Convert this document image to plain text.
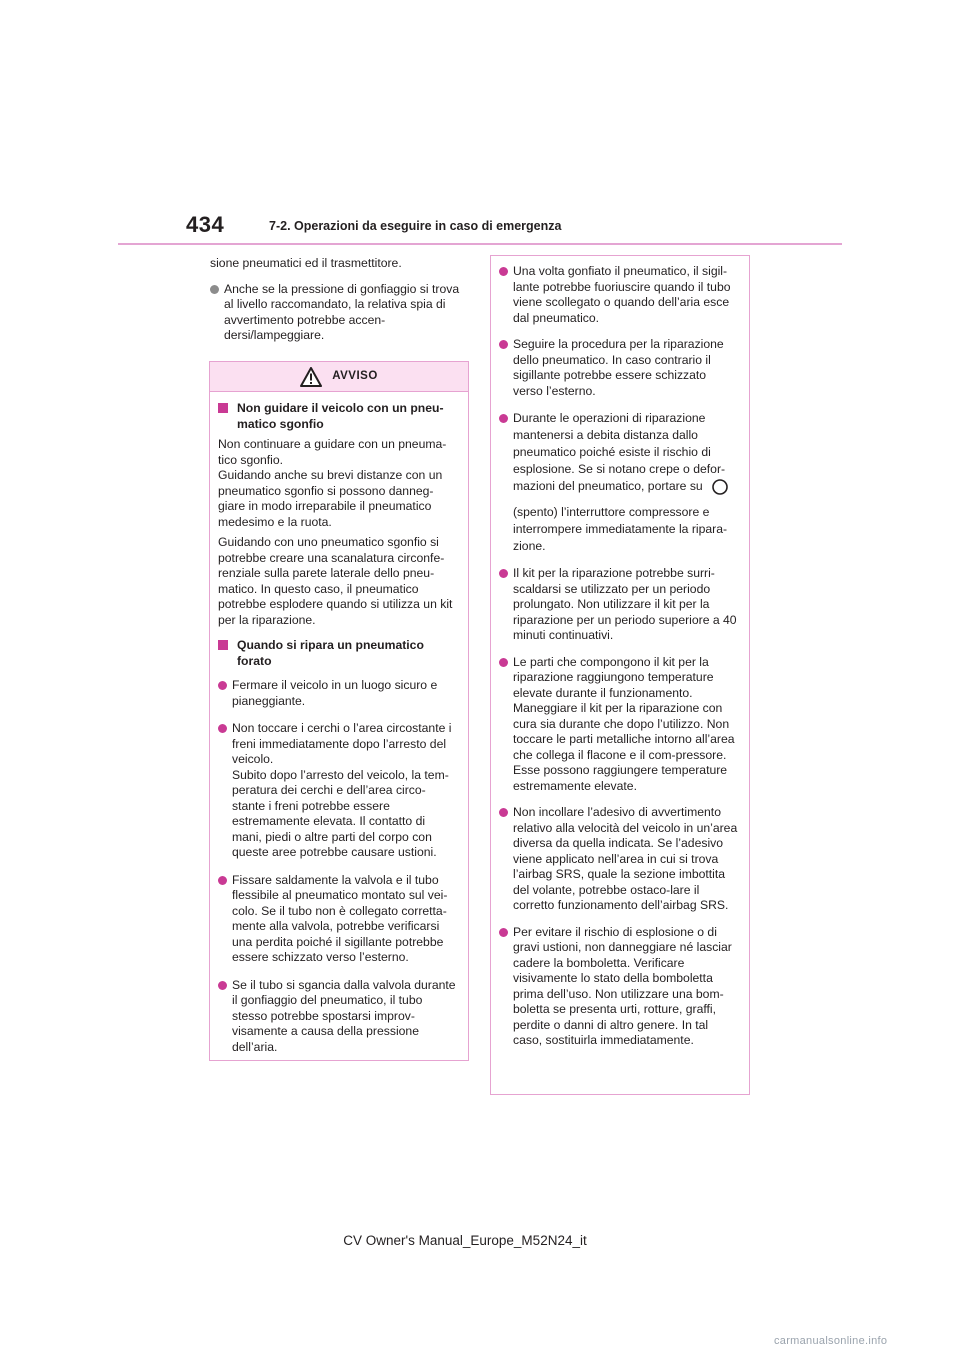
434	7-2. Operazioni da eseguire in caso di emergenza

sione pneumatici ed il trasmettitore.

Anche se la pressione di gonfiaggio si trova al livello raccomandato, la relativa spia di avvertimento potrebbe accen-dersi/lampeggiare.
AVVISO
Non guidare il veicolo con un pneu-matico sgonfio

Non continuare a guidare con un pneuma-tico sgonfio.

Guidando anche su brevi distanze con un pneumatico sgonfio si possono danneg-giare in modo irreparabile il pneumatico medesimo e la ruota.

Guidando con uno pneumatico sgonfio si potrebbe creare una scanalatura circonfe-renziale sulla parete laterale dello pneu-matico. In questo caso, il pneumatico potrebbe esplodere quando si utilizza un kit per la riparazione.

Quando si ripara un pneumatico forato
Fermare il veicolo in un luogo sicuro e pianeggiante.
Non toccare i cerchi o l’area circostante i freni immediatamente dopo l’arresto del veicolo.
Subito dopo l’arresto del veicolo, la tem-peratura dei cerchi e dell’area circo-stante i freni potrebbe essere estremamente elevata. Il contatto di mani, piedi o altre parti del corpo con queste aree potrebbe causare ustioni.
Fissare saldamente la valvola e il tubo flessibile al pneumatico montato sul vei-colo. Se il tubo non è collegato corretta-mente alla valvola, potrebbe verificarsi una perdita poiché il sigillante potrebbe essere schizzato verso l’esterno.
Se il tubo si sgancia dalla valvola durante il gonfiaggio del pneumatico, il tubo stesso potrebbe spostarsi improv-visamente a causa della pressione dell’aria.
Una volta gonfiato il pneumatico, il sigil-lante potrebbe fuoriuscire quando il tubo viene scollegato o quando dell’aria esce dal pneumatico.
Seguire la procedura per la riparazione dello pneumatico. In caso contrario il sigillante potrebbe essere schizzato verso l’esterno.
Durante le operazioni di riparazione mantenersi a debita distanza dallo pneumatico poiché esiste il rischio di esplosione. Se si notano crepe o defor-mazioni del pneumatico, portare su
(spento) l’interruttore compressore e interrompere immediatamente la ripara-zione.
Il kit per la riparazione potrebbe surri-scaldarsi se utilizzato per un periodo prolungato. Non utilizzare il kit per la riparazione per un periodo superiore a 40 minuti continuativi.
Le parti che compongono il kit per la riparazione raggiungono temperature elevate durante il funzionamento. Maneggiare il kit per la riparazione con cura sia durante che dopo l’utilizzo. Non toccare le parti metalliche intorno all’area che collega il flacone e il com-pressore. Esse possono raggiungere temperature estremamente elevate.
Non incollare l’adesivo di avvertimento relativo alla velocità del veicolo in un’area diversa da quella indicata. Se l’adesivo viene applicato nell’area in cui si trova l’airbag SRS, quale la sezione imbottita del volante, potrebbe ostaco-lare il corretto funzionamento dell’airbag SRS.
Per evitare il rischio di esplosione o di gravi ustioni, non danneggiare né lasciar cadere la bomboletta. Verificare visivamente lo stato della bomboletta prima dell’uso. Non utilizzare una bom-boletta se presenta urti, rotture, graffi, perdite o danni di altro genere. In tal caso, sostituirla immediatamente.
CV Owner's Manual_Europe_M52N24_it
carmanualsonline.info
